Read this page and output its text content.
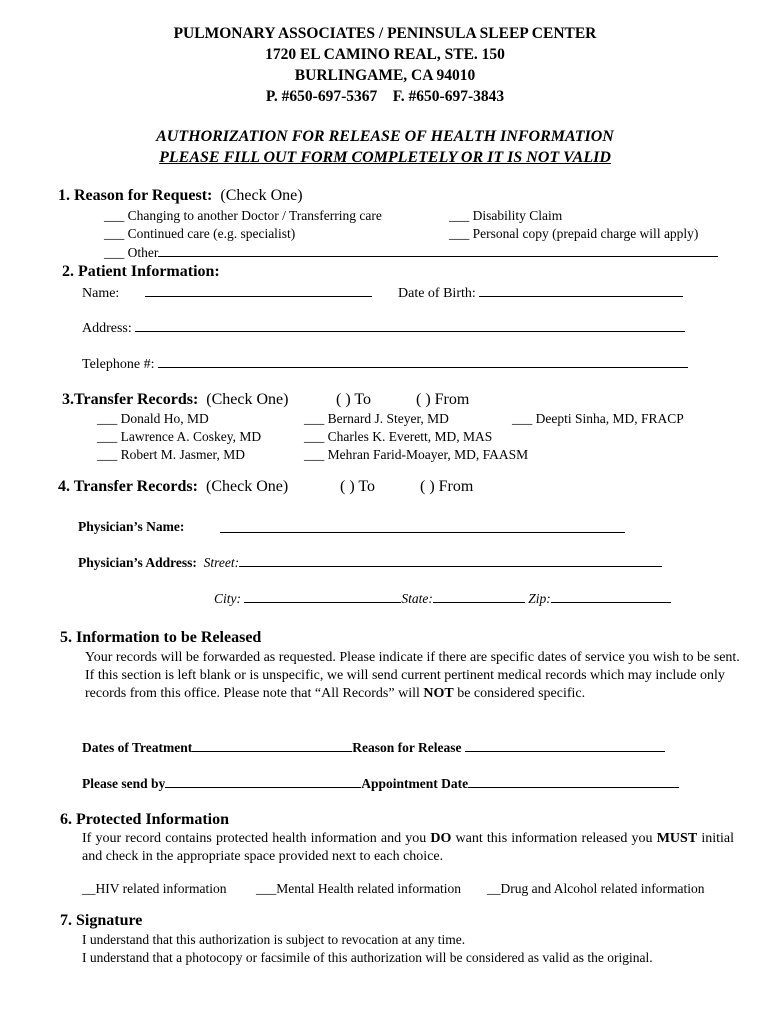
PULMONARY ASSOCIATES / PENINSULA SLEEP CENTER
1720 EL CAMINO REAL, STE. 150
BURLINGAME, CA 94010
P. #650-697-5367    F. #650-697-3843
AUTHORIZATION FOR RELEASE OF HEALTH INFORMATION
PLEASE FILL OUT FORM COMPLETELY OR IT IS NOT VALID
1. Reason for Request: (Check One)
___ Changing to another Doctor / Transferring care
___ Continued care (e.g. specialist)
___ Other
___ Disability Claim
___ Personal copy (prepaid charge will apply)
2. Patient Information:
Name:	Date of Birth:
Address:
Telephone #:
3.Transfer Records: (Check One)	( ) To	( ) From
___ Donald Ho, MD	___ Bernard J. Steyer, MD	___ Deepti Sinha, MD, FRACP
___ Lawrence A. Coskey, MD	___ Charles K. Everett, MD, MAS
___ Robert M. Jasmer, MD	___ Mehran Farid-Moayer, MD, FAASM
4. Transfer Records: (Check One)	( ) To	( ) From
Physician’s Name:
Physician’s Address: Street:
City:	State:	Zip:
5. Information to be Released
Your records will be forwarded as requested. Please indicate if there are specific dates of service you wish to be sent. If this section is left blank or is unspecific, we will send current pertinent medical records which may include only records from this office. Please note that “All Records” will NOT be considered specific.
Dates of Treatment	Reason for Release
Please send by	Appointment Date
6. Protected Information
If your record contains protected health information and you DO want this information released you MUST initial and check in the appropriate space provided next to each choice.
__HIV related information ___Mental Health related information __Drug and Alcohol related information
7. Signature
I understand that this authorization is subject to revocation at any time.
I understand that a photocopy or facsimile of this authorization will be considered as valid as the original.
